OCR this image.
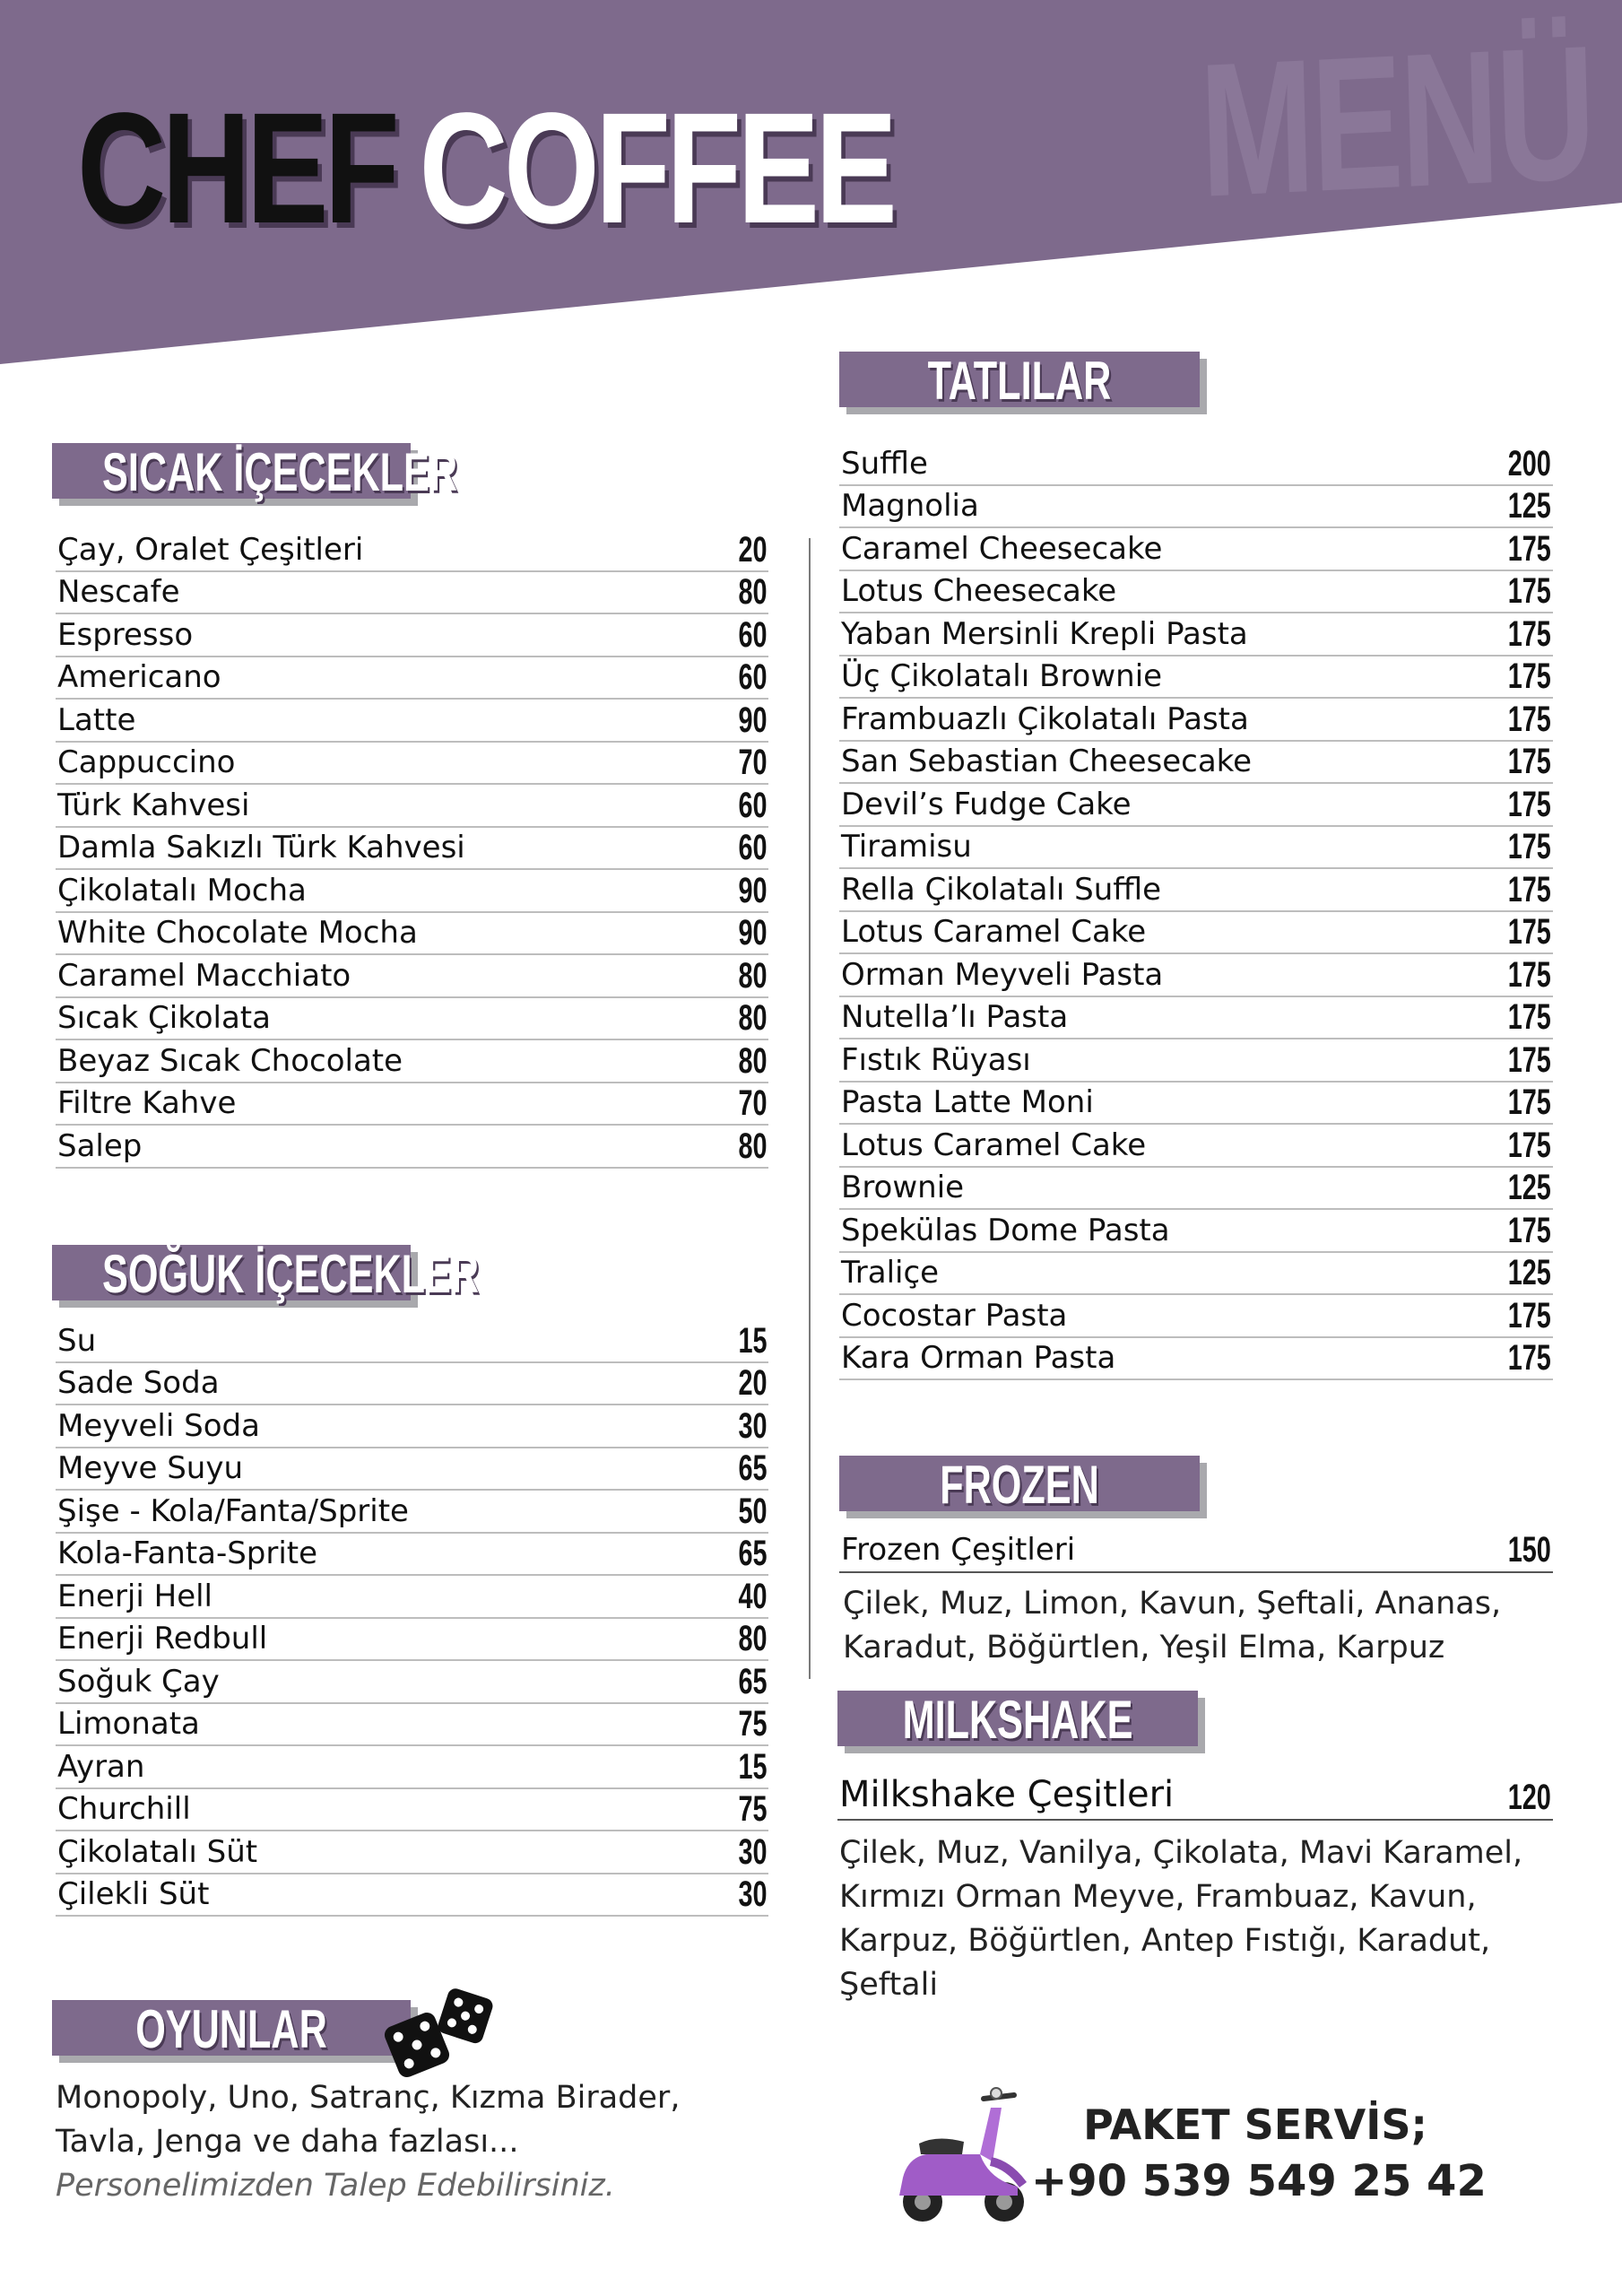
MENÜ
CHEF COFFEE
SICAK İÇECEKLER
Çay, Oralet Çeşitleri	20
Nescafe	80
Espresso	60
Americano	60
Latte	90
Cappuccino	70
Türk Kahvesi	60
Damla Sakızlı Türk Kahvesi	60
Çikolatalı Mocha	90
White Chocolate Mocha	90
Caramel Macchiato	80
Sıcak Çikolata	80
Beyaz Sıcak Chocolate	80
Filtre Kahve	70
Salep	80
SOĞUK İÇECEKLER
Su	15
Sade Soda	20
Meyveli Soda	30
Meyve Suyu	65
Şişe - Kola/Fanta/Sprite	50
Kola-Fanta-Sprite	65
Enerji Hell	40
Enerji Redbull	80
Soğuk Çay	65
Limonata	75
Ayran	15
Churchill	75
Çikolatalı Süt	30
Çilekli Süt	30
OYUNLAR
Monopoly, Uno, Satranç, Kızma Birader,
Tavla, Jenga ve daha fazlası...
Personelimizden Talep Edebilirsiniz.
TATLILAR
Suffle	200
Magnolia	125
Caramel Cheesecake	175
Lotus Cheesecake	175
Yaban Mersinli Krepli Pasta	175
Üç Çikolatalı Brownie	175
Frambuazlı Çikolatalı Pasta	175
San Sebastian Cheesecake	175
Devil’s Fudge Cake	175
Tiramisu	175
Rella Çikolatalı Suffle	175
Lotus Caramel Cake	175
Orman Meyveli Pasta	175
Nutella’lı Pasta	175
Fıstık Rüyası	175
Pasta Latte Moni	175
Lotus Caramel Cake	175
Brownie	125
Spekülas Dome Pasta	175
Traliçe	125
Cocostar Pasta	175
Kara Orman Pasta	175
FROZEN
Frozen Çeşitleri	150
Çilek, Muz, Limon, Kavun, Şeftali, Ananas,
Karadut, Böğürtlen, Yeşil Elma, Karpuz
MILKSHAKE
Milkshake Çeşitleri	120
Çilek, Muz, Vanilya, Çikolata, Mavi Karamel,
Kırmızı Orman Meyve, Frambuaz, Kavun,
Karpuz, Böğürtlen, Antep Fıstığı, Karadut,
Şeftali
PAKET SERVİS;
+90 539 549 25 42
